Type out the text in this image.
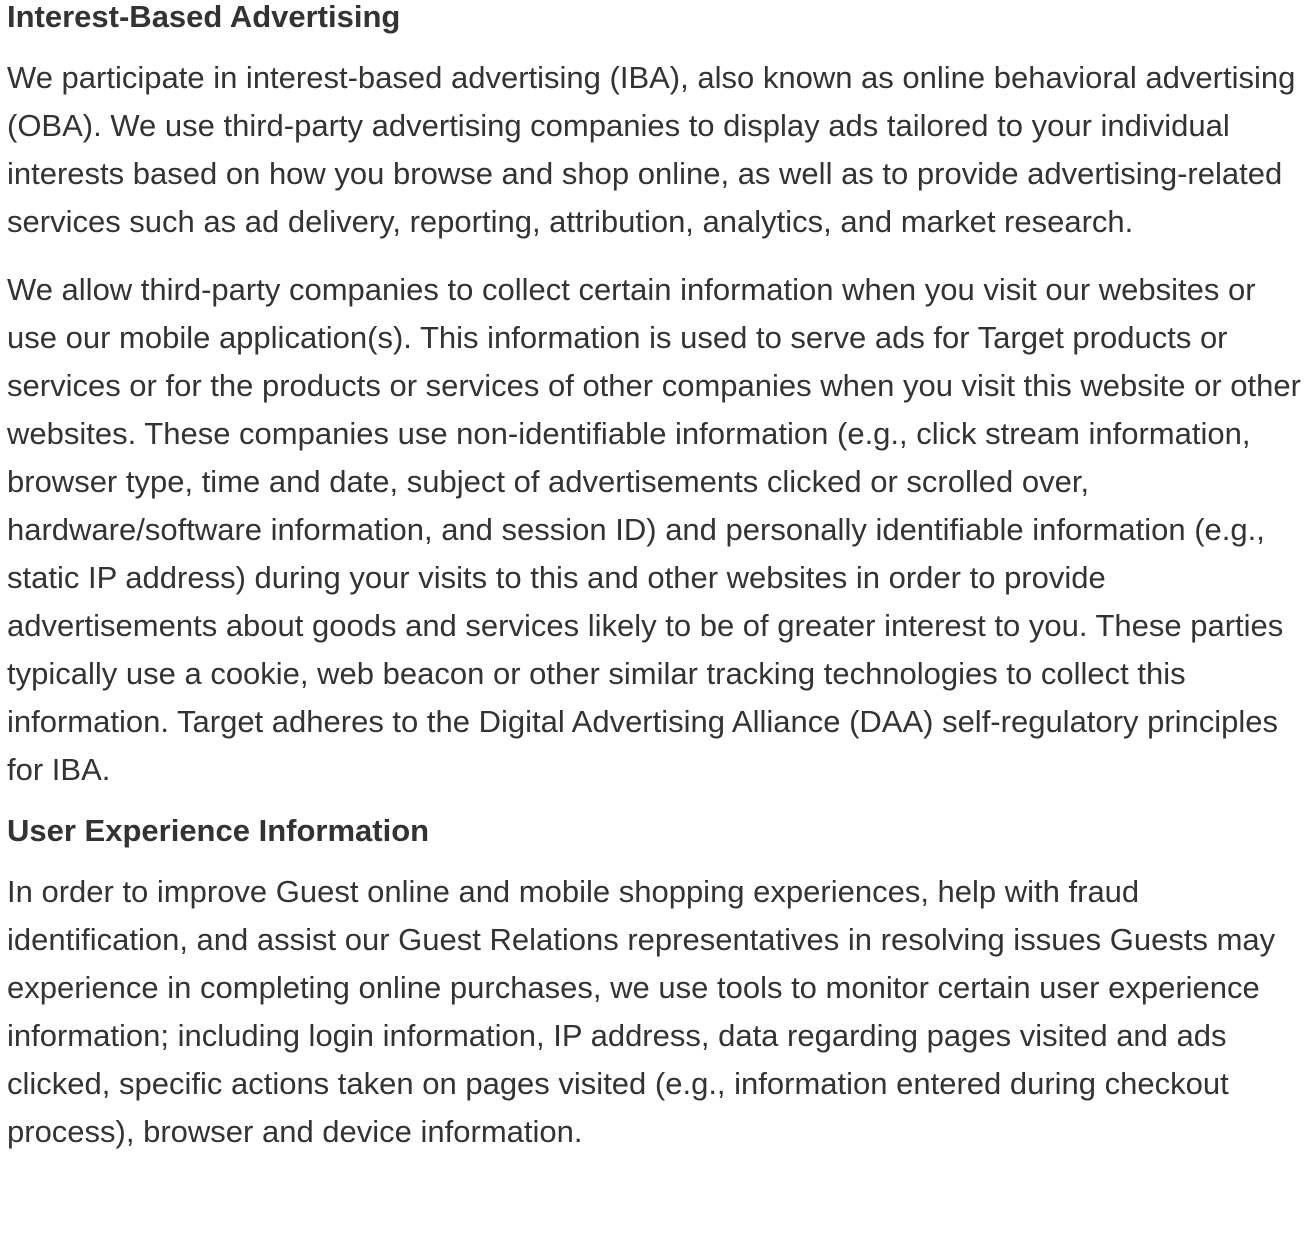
Interest-Based Advertising

We participate in interest-based advertising (IBA), also known as online behavioral advertising (OBA). We use third-party advertising companies to display ads tailored to your individual interests based on how you browse and shop online, as well as to provide advertising-related services such as ad delivery, reporting, attribution, analytics, and market research.

We allow third-party companies to collect certain information when you visit our websites or use our mobile application(s). This information is used to serve ads for Target products or services or for the products or services of other companies when you visit this website or other websites. These companies use non-identifiable information (e.g., click stream information, browser type, time and date, subject of advertisements clicked or scrolled over, hardware/software information, and session ID) and personally identifiable information (e.g., static IP address) during your visits to this and other websites in order to provide advertisements about goods and services likely to be of greater interest to you. These parties typically use a cookie, web beacon or other similar tracking technologies to collect this information. Target adheres to the Digital Advertising Alliance (DAA) self-regulatory principles for IBA.

User Experience Information

In order to improve Guest online and mobile shopping experiences, help with fraud identification, and assist our Guest Relations representatives in resolving issues Guests may experience in completing online purchases, we use tools to monitor certain user experience information; including login information, IP address, data regarding pages visited and ads clicked, specific actions taken on pages visited (e.g., information entered during checkout process), browser and device information.
